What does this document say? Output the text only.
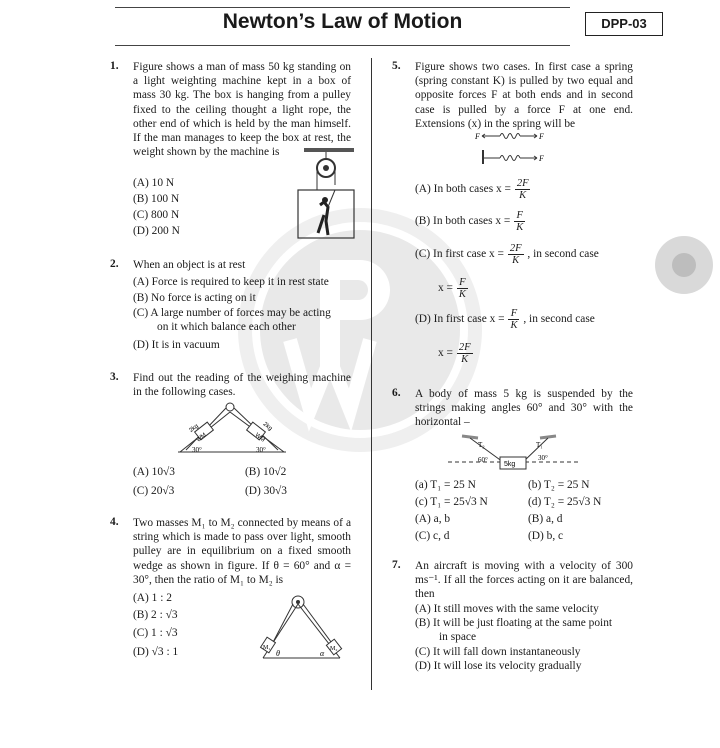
Newton’s Law of Motion	DPP-03
1. Figure shows a man of mass 50 kg standing on a light weighting machine kept in a box of mass 30 kg. The box is hanging from a pulley fixed to the ceiling thought a light rope, the other end of which is held by the man himself. If the man manages to keep the box at rest, the weight shown by the machine is
(A) 10 N
(B) 100 N
(C) 800 N
(D) 200 N
2. When an object is at rest
(A) Force is required to keep it in rest state
(B) No force is acting on it
(C) A large number of forces may be acting
on it which balance each other
(D) It is in vacuum
3. Find out the reading of the weighing machine in the following cases.
2kg
WM
30°
2kg
WM
30°
(A) 10√3	(B) 10√2
(C) 20√3	(D) 30√3
4. Two masses M₁ to M₂ connected by means of a string which is made to pass over light, smooth pulley are in equilibrium on a fixed smooth wedge as shown in figure. If θ = 60° and α = 30°, then the ratio of M₁ to M₂ is
(A) 1 : 2
(B) 2 : √3
(C) 1 : √3
(D) √3 : 1	M₁
θ	α M₂
5. Figure shows two cases. In first case a spring (spring constant K) is pulled by two equal and opposite forces F at both ends and in second case is pulled by a force F at one end. Extensions (x) in the spring will be
F	F
F
(A) In both cases $x = \frac{2F}{K}$
(B) In both cases $x = \frac{F}{K}$
(C) In first case $x = \frac{2F}{K}$ , in second case
$x = \frac{F}{K}$
(D) In first case $x = \frac{F}{K}$ , in second case
$x = \frac{2F}{K}$
6. A body of mass 5 kg is suspended by the strings making angles 60° and 30° with the horizontal –
T₂
60°
5kg
T₁
30°
(a) T₁ = 25 N	(b) T₂ = 25 N
(c) T₁ = 25√3 N	(d) T₂ = 25√3 N
(A) a, b	(B) a, d
(C) c, d	(D) b, c
7. An aircraft is moving with a velocity of 300 ms⁻¹. If all the forces acting on it are balanced, then
(A) It still moves with the same velocity
(B) It will be just floating at the same point
in space
(C) It will fall down instantaneously
(D) It will lose its velocity gradually
